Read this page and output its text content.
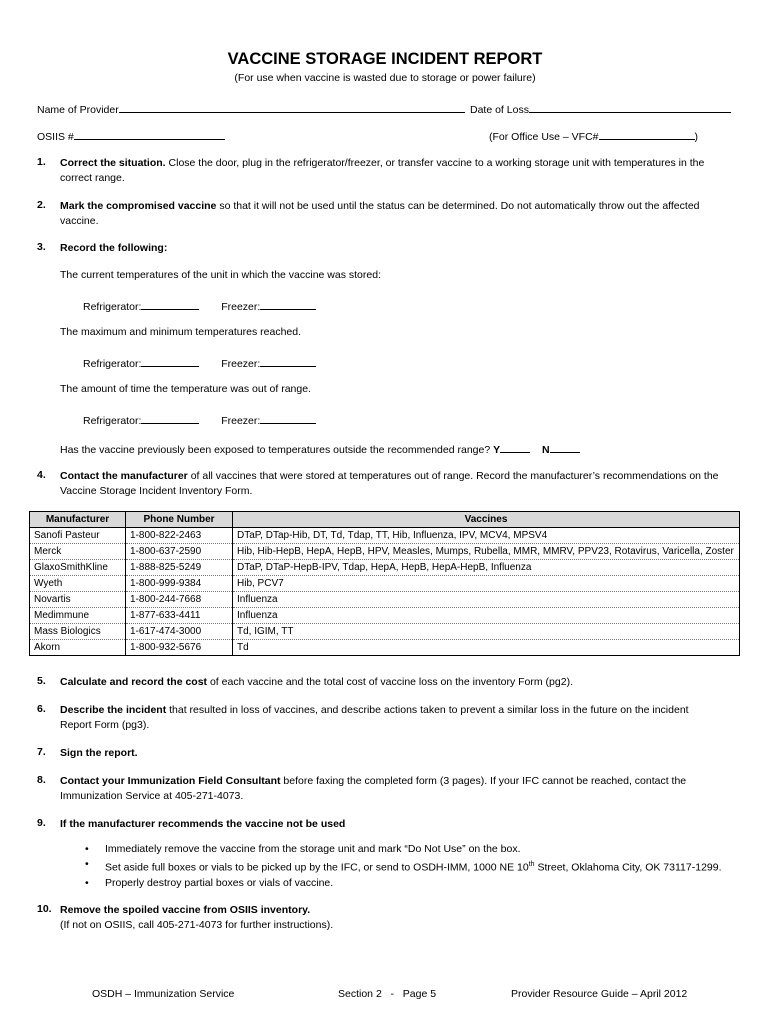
VACCINE STORAGE INCIDENT REPORT
(For use when vaccine is wasted due to storage or power failure)
Name of Provider	Date of Loss
OSIIS #	(For Office Use – VFC#	)
1. Correct the situation. Close the door, plug in the refrigerator/freezer, or transfer vaccine to a working storage unit with temperatures in the correct range.
2. Mark the compromised vaccine so that it will not be used until the status can be determined. Do not automatically throw out the affected vaccine.
3. Record the following:
The current temperatures of the unit in which the vaccine was stored:
Refrigerator:	Freezer:
The maximum and minimum temperatures reached.
Refrigerator:	Freezer:
The amount of time the temperature was out of range.
Refrigerator:	Freezer:
Has the vaccine previously been exposed to temperatures outside the recommended range? Y	N
4. Contact the manufacturer of all vaccines that were stored at temperatures out of range. Record the manufacturer’s recommendations on the Vaccine Storage Incident Inventory Form.
Manufacturer	Phone Number	Vaccines
Sanofi Pasteur	1-800-822-2463	DTaP, DTap-Hib, DT, Td, Tdap, TT, Hib, Influenza, IPV, MCV4, MPSV4
Merck	1-800-637-2590	Hib, Hib-HepB, HepA, HepB, HPV, Measles, Mumps, Rubella, MMR, MMRV, PPV23, Rotavirus, Varicella, Zoster
GlaxoSmithKline	1-888-825-5249	DTaP, DTaP-HepB-IPV, Tdap, HepA, HepB, HepA-HepB, Influenza
Wyeth	1-800-999-9384	Hib, PCV7
Novartis	1-800-244-7668	Influenza
Medimmune	1-877-633-4411	Influenza
Mass Biologics	1-617-474-3000	Td, IGIM, TT
Akorn	1-800-932-5676	Td
5. Calculate and record the cost of each vaccine and the total cost of vaccine loss on the inventory Form (pg2).
6. Describe the incident that resulted in loss of vaccines, and describe actions taken to prevent a similar loss in the future on the incident Report Form (pg3).
7. Sign the report.
8. Contact your Immunization Field Consultant before faxing the completed form (3 pages). If your IFC cannot be reached, contact the Immunization Service at 405-271-4073.
9. If the manufacturer recommends the vaccine not be used
• Immediately remove the vaccine from the storage unit and mark “Do Not Use” on the box.
• Set aside full boxes or vials to be picked up by the IFC, or send to OSDH-IMM, 1000 NE 10th Street, Oklahoma City, OK 73117-1299.
• Properly destroy partial boxes or vials of vaccine.
10. Remove the spoiled vaccine from OSIIS inventory.
(If not on OSIIS, call 405-271-4073 for further instructions).
OSDH – Immunization Service	Section 2   -   Page 5	Provider Resource Guide – April 2012
